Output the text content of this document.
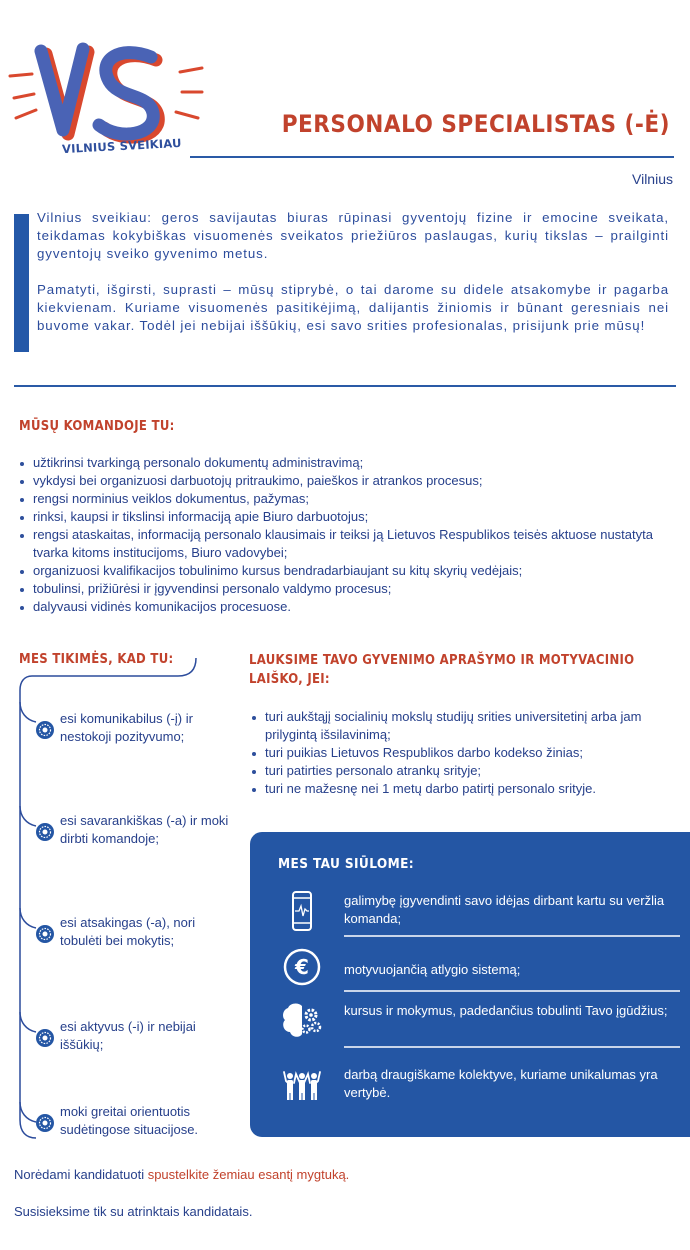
VILNIUS SVEIKIAU
PERSONALO SPECIALISTAS (-Ė)
Vilnius

Vilnius sveikiau: geros savijautas biuras rūpinasi gyventojų fizine ir emocine sveikata, teikdamas kokybiškas visuomenės sveikatos priežiūros paslaugas, kurių tikslas – prailginti gyventojų sveiko gyvenimo metus.

Pamatyti, išgirsti, suprasti – mūsų stiprybė, o tai darome su didele atsakomybe ir pagarba kiekvienam. Kuriame visuomenės pasitikėjimą, dalijantis žiniomis ir būnant geresniais nei buvome vakar. Todėl jei nebijai iššūkių, esi savo srities profesionalas, prisijunk prie mūsų!

MŪSŲ KOMANDOJE TU:
užtikrinsi tvarkingą personalo dokumentų administravimą;
vykdysi bei organizuosi darbuotojų pritraukimo, paieškos ir atrankos procesus;
rengsi norminius veiklos dokumentus, pažymas;
rinksi, kaupsi ir tikslinsi informaciją apie Biuro darbuotojus;
rengsi ataskaitas, informaciją personalo klausimais ir teiksi ją Lietuvos Respublikos teisės aktuose nustatyta tvarka kitoms institucijoms, Biuro vadovybei;
organizuosi kvalifikacijos tobulinimo kursus bendradarbiaujant su kitų skyrių vedėjais;
tobulinsi, prižiūrėsi ir įgyvendinsi personalo valdymo procesus;
dalyvausi vidinės komunikacijos procesuose.
MES TIKIMĖS, KAD TU:
esi komunikabilus (-į) ir nestokoji pozityvumo;
esi savarankiškas (-a) ir moki dirbti komandoje;
esi atsakingas (-a), nori tobulėti bei mokytis;
esi aktyvus (-i) ir nebijai iššūkių;
moki greitai orientuotis sudėtingose situacijose.
LAUKSIME TAVO GYVENIMO APRAŠYMO IR MOTYVACINIO
LAIŠKO, JEI:
turi aukštąjį socialinių mokslų studijų srities universitetinį arba jam prilygintą išsilavinimą;
turi puikias Lietuvos Respublikos darbo kodekso žinias;
turi patirties personalo atrankų srityje;
turi ne mažesnę nei 1 metų darbo patirtį personalo srityje.
MES TAU SIŪLOME:
galimybę įgyvendinti savo idėjas dirbant kartu su veržlia komanda;
€	motyvuojančią atlygio sistemą;
kursus ir mokymus, padedančius tobulinti Tavo įgūdžius;
darbą draugiškame kolektyve, kuriame unikalumas yra vertybė.
Norėdami kandidatuoti spustelkite žemiau esantį mygtuką.
Susisieksime tik su atrinktais kandidatais.
